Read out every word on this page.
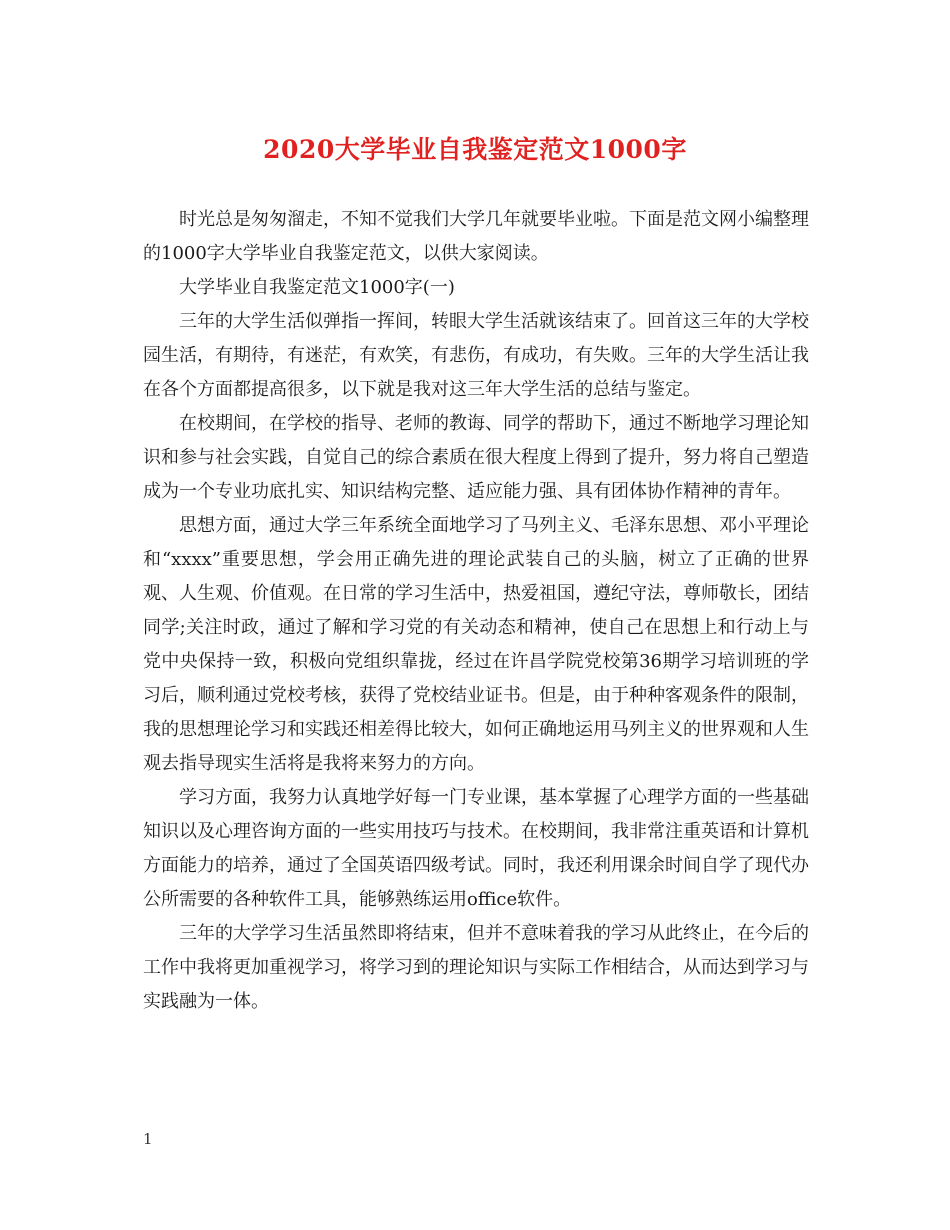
2020大学毕业自我鉴定范文1000字

时光总是匆匆溜走，不知不觉我们大学几年就要毕业啦。下面是范文网小编整理的1000字大学毕业自我鉴定范文，以供大家阅读。

大学毕业自我鉴定范文1000字(一)

三年的大学生活似弹指一挥间，转眼大学生活就该结束了。回首这三年的大学校园生活，有期待，有迷茫，有欢笑，有悲伤，有成功，有失败。三年的大学生活让我在各个方面都提高很多，以下就是我对这三年大学生活的总结与鉴定。

在校期间，在学校的指导、老师的教诲、同学的帮助下，通过不断地学习理论知识和参与社会实践，自觉自己的综合素质在很大程度上得到了提升，努力将自己塑造成为一个专业功底扎实、知识结构完整、适应能力强、具有团体协作精神的青年。

思想方面，通过大学三年系统全面地学习了马列主义、毛泽东思想、邓小平理论和“xxxx”重要思想，学会用正确先进的理论武装自己的头脑，树立了正确的世界观、人生观、价值观。在日常的学习生活中，热爱祖国，遵纪守法，尊师敬长，团结同学;关注时政，通过了解和学习党的有关动态和精神，使自己在思想上和行动上与党中央保持一致，积极向党组织靠拢，经过在许昌学院党校第36期学习培训班的学习后，顺利通过党校考核，获得了党校结业证书。但是，由于种种客观条件的限制，我的思想理论学习和实践还相差得比较大，如何正确地运用马列主义的世界观和人生观去指导现实生活将是我将来努力的方向。

学习方面，我努力认真地学好每一门专业课，基本掌握了心理学方面的一些基础知识以及心理咨询方面的一些实用技巧与技术。在校期间，我非常注重英语和计算机方面能力的培养，通过了全国英语四级考试。同时，我还利用课余时间自学了现代办公所需要的各种软件工具，能够熟练运用office软件。

三年的大学学习生活虽然即将结束，但并不意味着我的学习从此终止，在今后的工作中我将更加重视学习，将学习到的理论知识与实际工作相结合，从而达到学习与实践融为一体。

1
